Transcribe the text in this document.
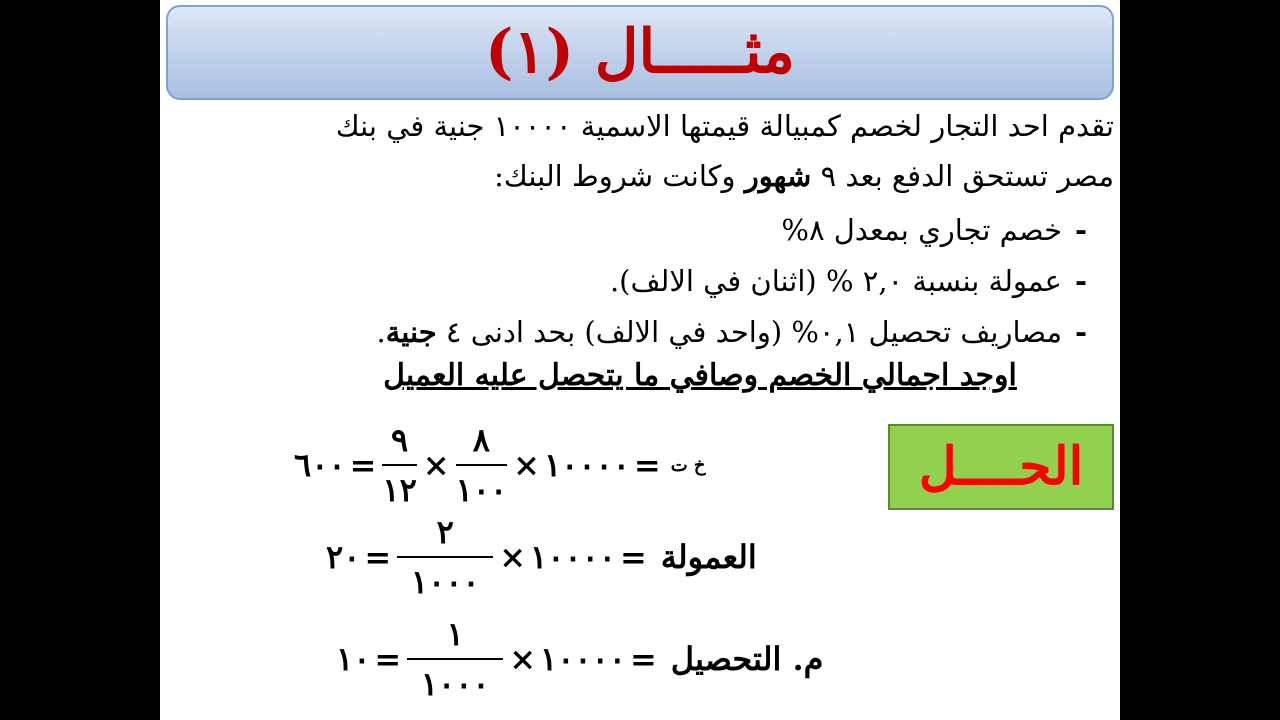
مثـــــال (١)
تقدم احد التجار لخصم كمبيالة قيمتها الاسمية ١٠٠٠٠ جنية في بنك
مصر تستحق الدفع بعد ٩ شهور وكانت شروط البنك:
-خصم تجاري بمعدل ٨%
-عمولة بنسبة ٢,٠ % (اثنان في الالف).
-مصاريف تحصيل ٠,١% (واحد في الالف) بحد ادنى ٤ جنية.
اوجد اجمالي الخصم وصافي ما يتحصل عليه العميل
الحــــل
٦٠٠ = $\frac{٩}{١٢} \times \frac{٨}{١٠٠}$ × ١٠٠٠٠ = خ ت
٢٠ = $\frac{٢}{١٠٠٠}$ × ١٠٠٠٠ = العمولة
١٠ = $\frac{١}{١٠٠٠}$ × ١٠٠٠٠ = م. التحصيل
